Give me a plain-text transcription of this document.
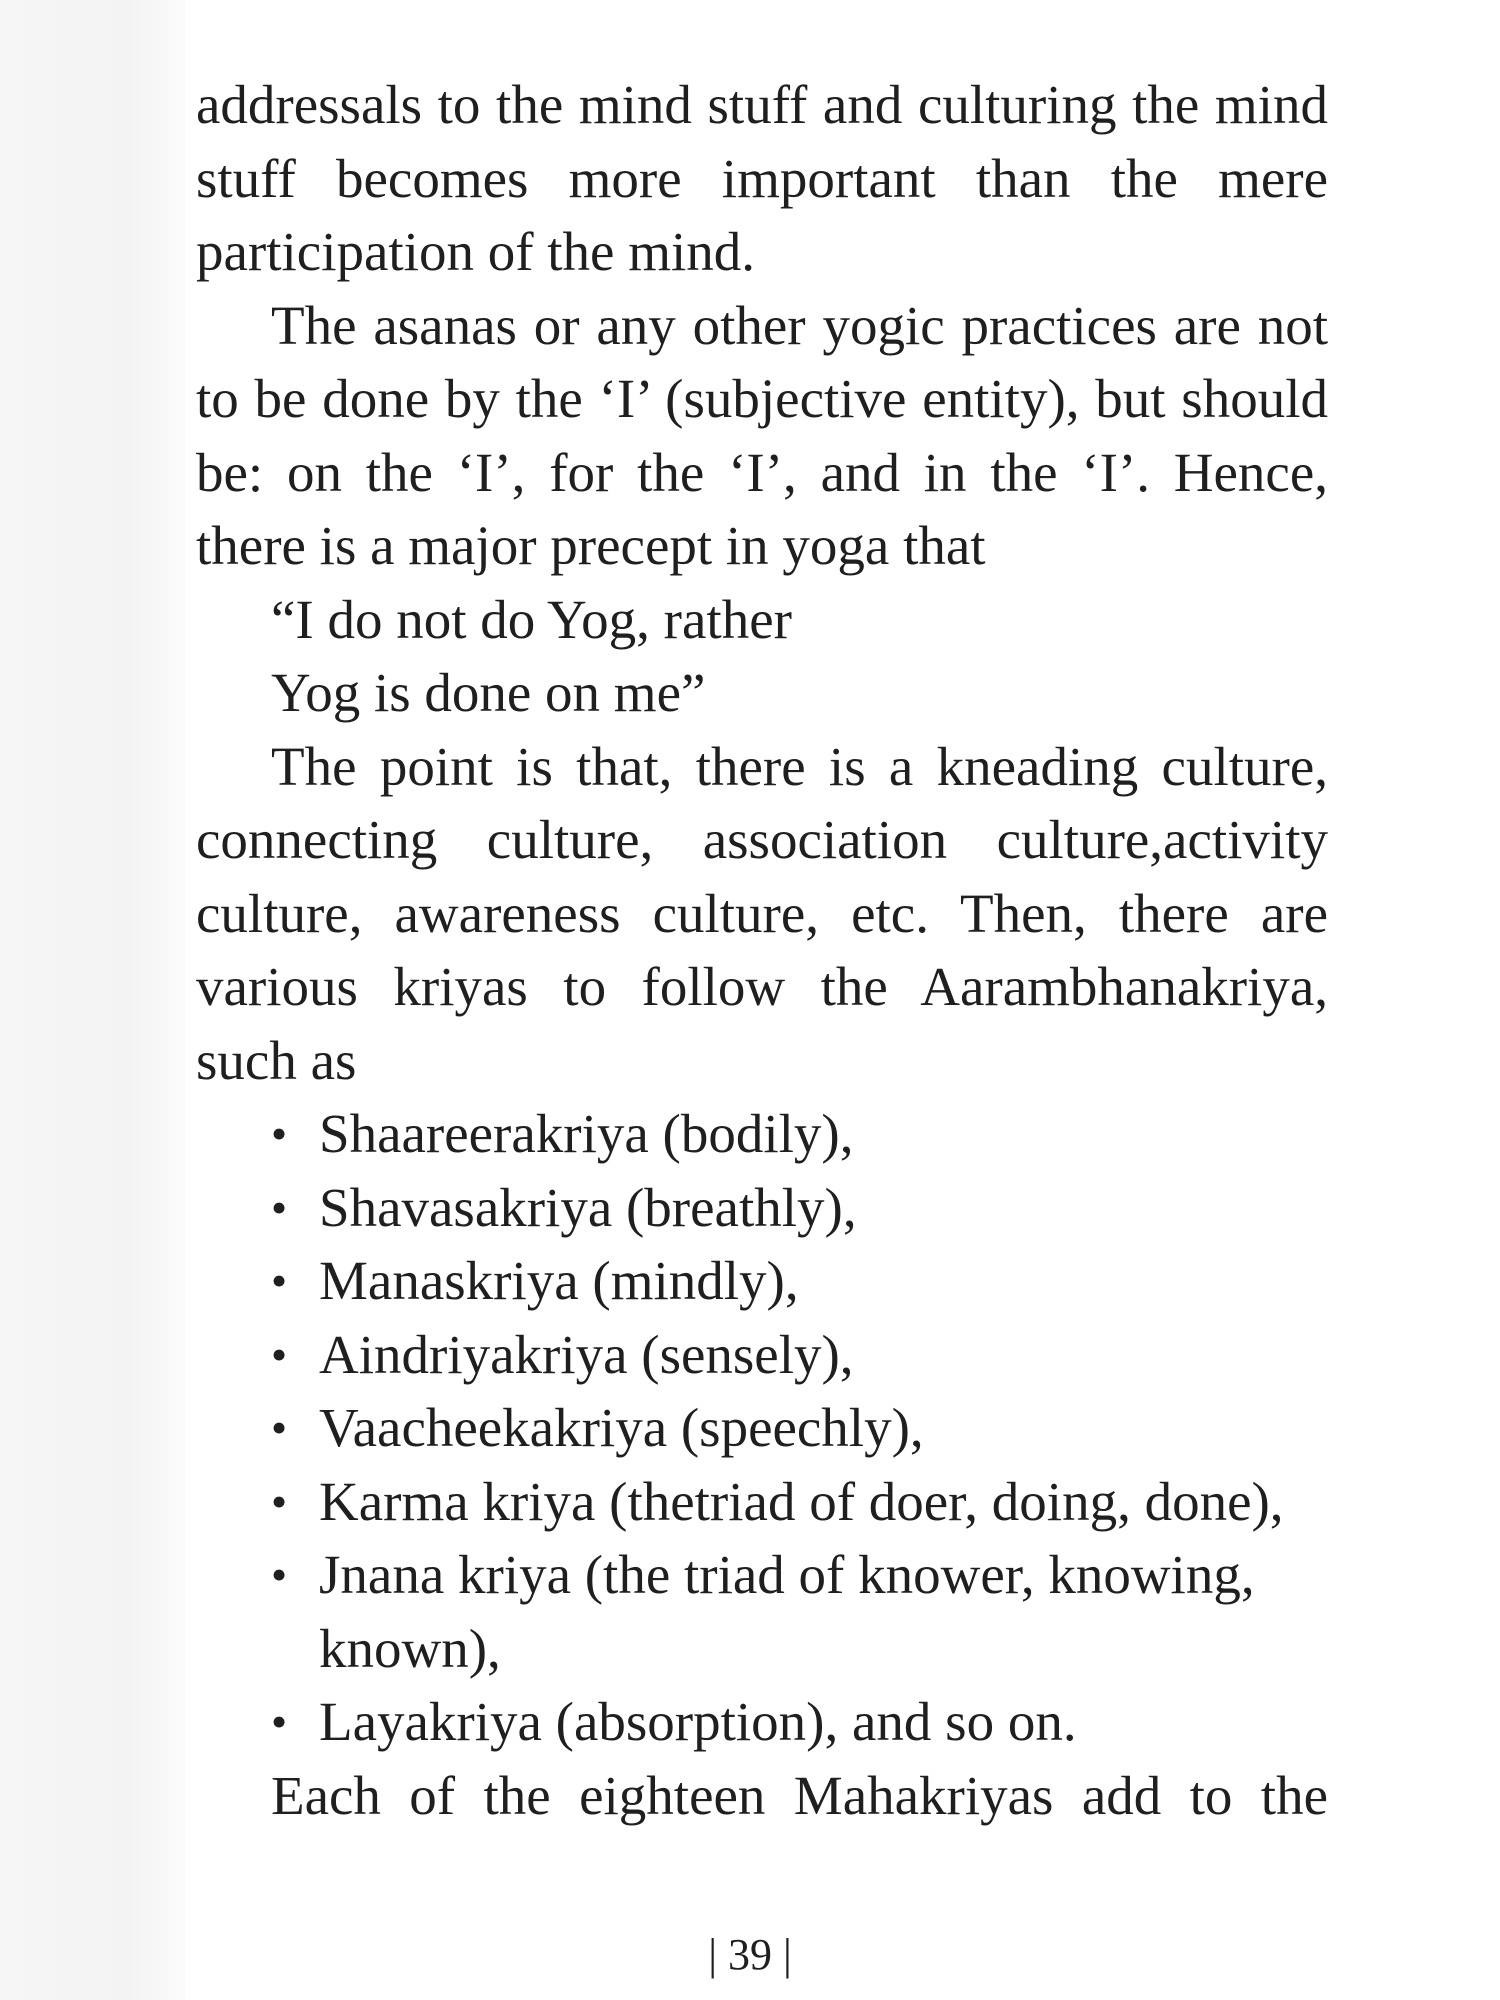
addressals to the mind stuff and culturing the mind stuff becomes more important than the mere participation of the mind.

The asanas or any other yogic practices are not to be done by the ‘I’ (subjective entity), but should be: on the ‘I’, for the ‘I’, and in the ‘I’. Hence, there is a major precept in yoga that

“I do not do Yog, rather

Yog is done on me”

The point is that, there is a kneading culture, connecting culture, association culture,activity culture, awareness culture, etc. Then, there are various kriyas to follow the Aarambhanakriya, such as

• Shaareerakriya (bodily),
• Shavasakriya (breathly),
• Manaskriya (mindly),
• Aindriyakriya (sensely),
• Vaacheekakriya (speechly),
• Karma kriya (thetriad of doer, doing, done),
• Jnana kriya (the triad of knower, knowing, known),
• Layakriya (absorption), and so on.

Each of the eighteen Mahakriyas add to the

| 39 |
